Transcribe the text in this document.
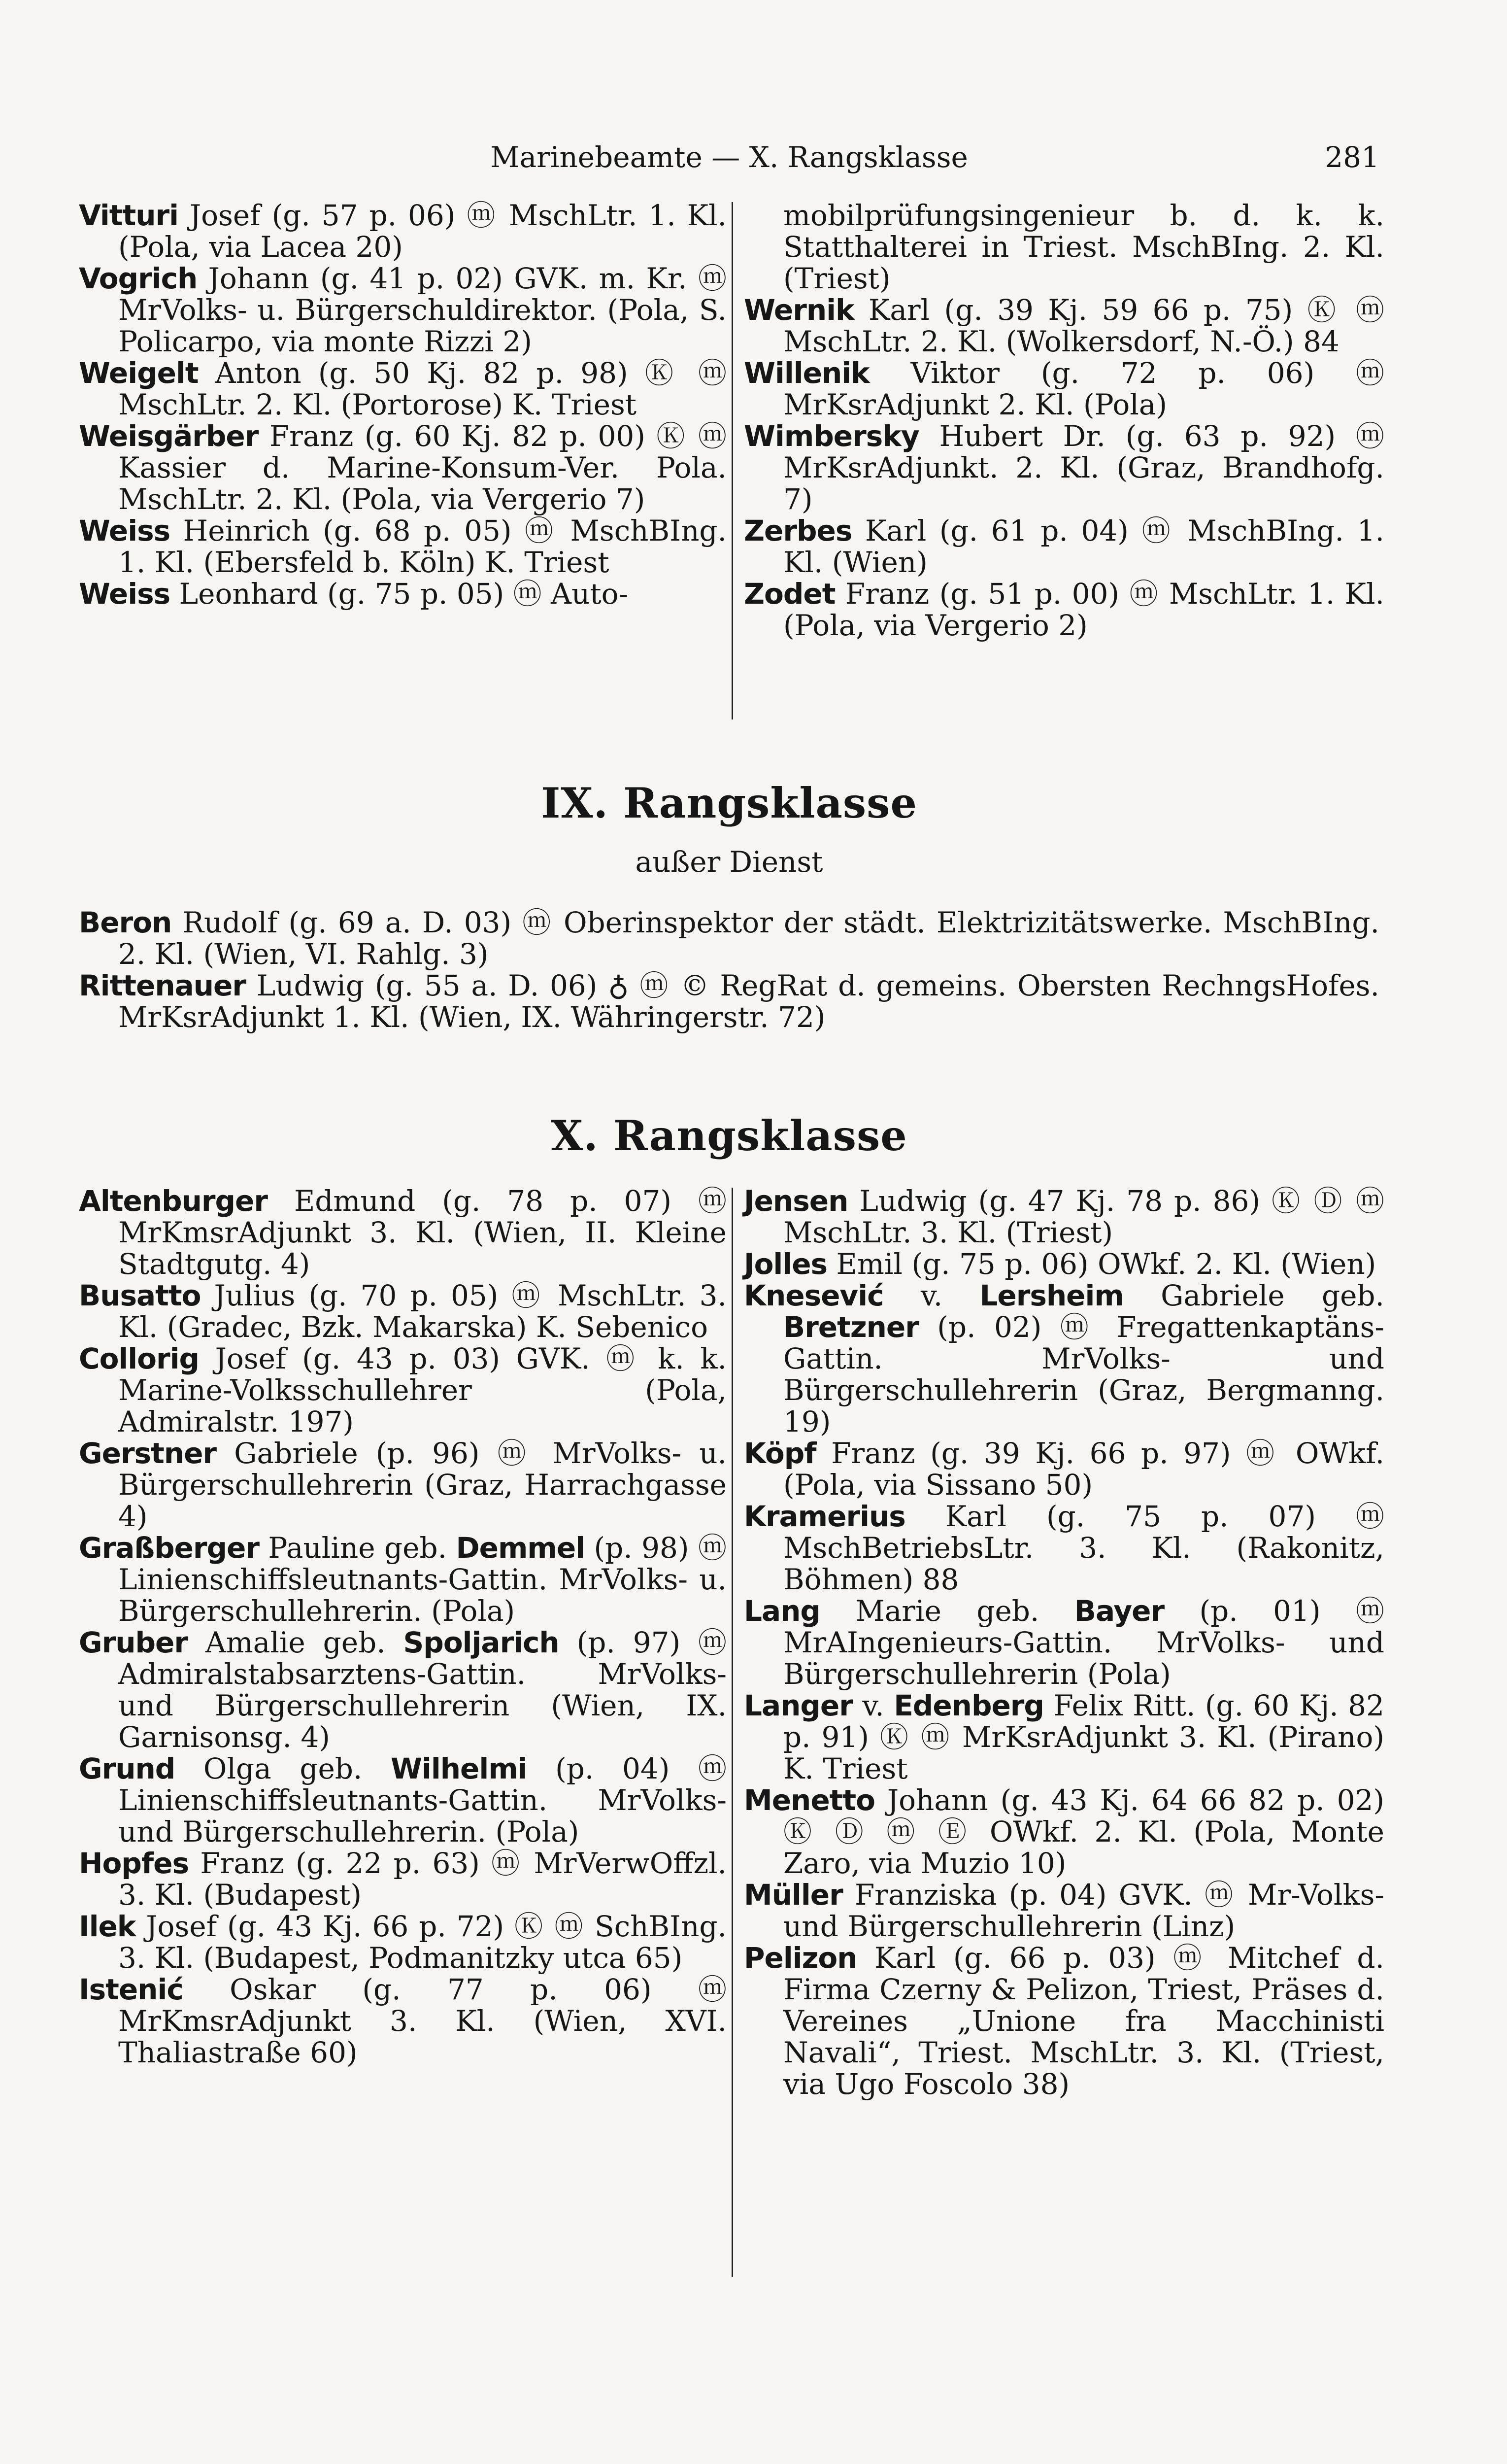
Marinebeamte — X. Rangsklasse	281
Vitturi Josef (g. 57 p. 06) ⓜ MschLtr. 1. Kl. (Pola, via Lacea 20)
Vogrich Johann (g. 41 p. 02) GVK. m. Kr. ⓜ MrVolks- u. Bürgerschuldirektor. (Pola, S. Policarpo, via monte Rizzi 2)
Weigelt Anton (g. 50 Kj. 82 p. 98) Ⓚ ⓜ MschLtr. 2. Kl. (Portorose) K. Triest
Weisgärber Franz (g. 60 Kj. 82 p. 00) Ⓚ ⓜ Kassier d. Marine-Konsum-Ver. Pola. MschLtr. 2. Kl. (Pola, via Vergerio 7)
Weiss Heinrich (g. 68 p. 05) ⓜ MschBIng. 1. Kl. (Ebersfeld b. Köln) K. Triest
Weiss Leonhard (g. 75 p. 05) ⓜ Auto-
mobilprüfungsingenieur b. d. k. k. Statthalterei in Triest. MschBIng. 2. Kl. (Triest)
Wernik Karl (g. 39 Kj. 59 66 p. 75) Ⓚ ⓜ MschLtr. 2. Kl. (Wolkersdorf, N.-Ö.) 84
Willenik Viktor (g. 72 p. 06) ⓜ MrKsrAdjunkt 2. Kl. (Pola)
Wimbersky Hubert Dr. (g. 63 p. 92) ⓜ MrKsrAdjunkt. 2. Kl. (Graz, Brandhofg. 7)
Zerbes Karl (g. 61 p. 04) ⓜ MschBIng. 1. Kl. (Wien)
Zodet Franz (g. 51 p. 00) ⓜ MschLtr. 1. Kl. (Pola, via Vergerio 2)
IX. Rangsklasse
außer Dienst
Beron Rudolf (g. 69 a. D. 03) ⓜ Oberinspektor der städt. Elektrizitätswerke. MschBIng. 2. Kl. (Wien, VI. Rahlg. 3)
Rittenauer Ludwig (g. 55 a. D. 06) ♁ ⓜ © RegRat d. gemeins. Obersten RechngsHofes. MrKsrAdjunkt 1. Kl. (Wien, IX. Währingerstr. 72)
X. Rangsklasse
Altenburger Edmund (g. 78 p. 07) ⓜ MrKmsrAdjunkt 3. Kl. (Wien, II. Kleine Stadtgutg. 4)
Busatto Julius (g. 70 p. 05) ⓜ MschLtr. 3. Kl. (Gradec, Bzk. Makarska) K. Sebenico
Collorig Josef (g. 43 p. 03) GVK. ⓜ k. k. Marine-Volksschullehrer (Pola, Admiralstr. 197)
Gerstner Gabriele (p. 96) ⓜ MrVolks- u. Bürgerschullehrerin (Graz, Harrachgasse 4)
Graßberger Pauline geb. Demmel (p. 98) ⓜ Linienschiffsleutnants-Gattin. MrVolks- u. Bürgerschullehrerin. (Pola)
Gruber Amalie geb. Spoljarich (p. 97) ⓜ Admiralstabsarztens-Gattin. MrVolks- und Bürgerschullehrerin (Wien, IX. Garnisonsg. 4)
Grund Olga geb. Wilhelmi (p. 04) ⓜ Linienschiffsleutnants-Gattin. MrVolks- und Bürgerschullehrerin. (Pola)
Hopfes Franz (g. 22 p. 63) ⓜ MrVerwOffzl. 3. Kl. (Budapest)
Ilek Josef (g. 43 Kj. 66 p. 72) Ⓚ ⓜ SchBIng. 3. Kl. (Budapest, Podmanitzky utca 65)
Istenić Oskar (g. 77 p. 06) ⓜ MrKmsrAdjunkt 3. Kl. (Wien, XVI. Thaliastraße 60)
Jensen Ludwig (g. 47 Kj. 78 p. 86) Ⓚ Ⓓ ⓜ MschLtr. 3. Kl. (Triest)
Jolles Emil (g. 75 p. 06) OWkf. 2. Kl. (Wien)
Knesević v. Lersheim Gabriele geb. Bretzner (p. 02) ⓜ Fregattenkaptäns-Gattin. MrVolks- und Bürgerschullehrerin (Graz, Bergmanng. 19)
Köpf Franz (g. 39 Kj. 66 p. 97) ⓜ OWkf. (Pola, via Sissano 50)
Kramerius Karl (g. 75 p. 07) ⓜ MschBetriebsLtr. 3. Kl. (Rakonitz, Böhmen) 88
Lang Marie geb. Bayer (p. 01) ⓜ MrAIngenieurs-Gattin. MrVolks- und Bürgerschullehrerin (Pola)
Langer v. Edenberg Felix Ritt. (g. 60 Kj. 82 p. 91) Ⓚ ⓜ MrKsrAdjunkt 3. Kl. (Pirano) K. Triest
Menetto Johann (g. 43 Kj. 64 66 82 p. 02) Ⓚ Ⓓ ⓜ Ⓔ OWkf. 2. Kl. (Pola, Monte Zaro, via Muzio 10)
Müller Franziska (p. 04) GVK. ⓜ Mr-Volks- und Bürgerschullehrerin (Linz)
Pelizon Karl (g. 66 p. 03) ⓜ Mitchef d. Firma Czerny & Pelizon, Triest, Präses d. Vereines „Unione fra Macchinisti Navali“, Triest. MschLtr. 3. Kl. (Triest, via Ugo Foscolo 38)
